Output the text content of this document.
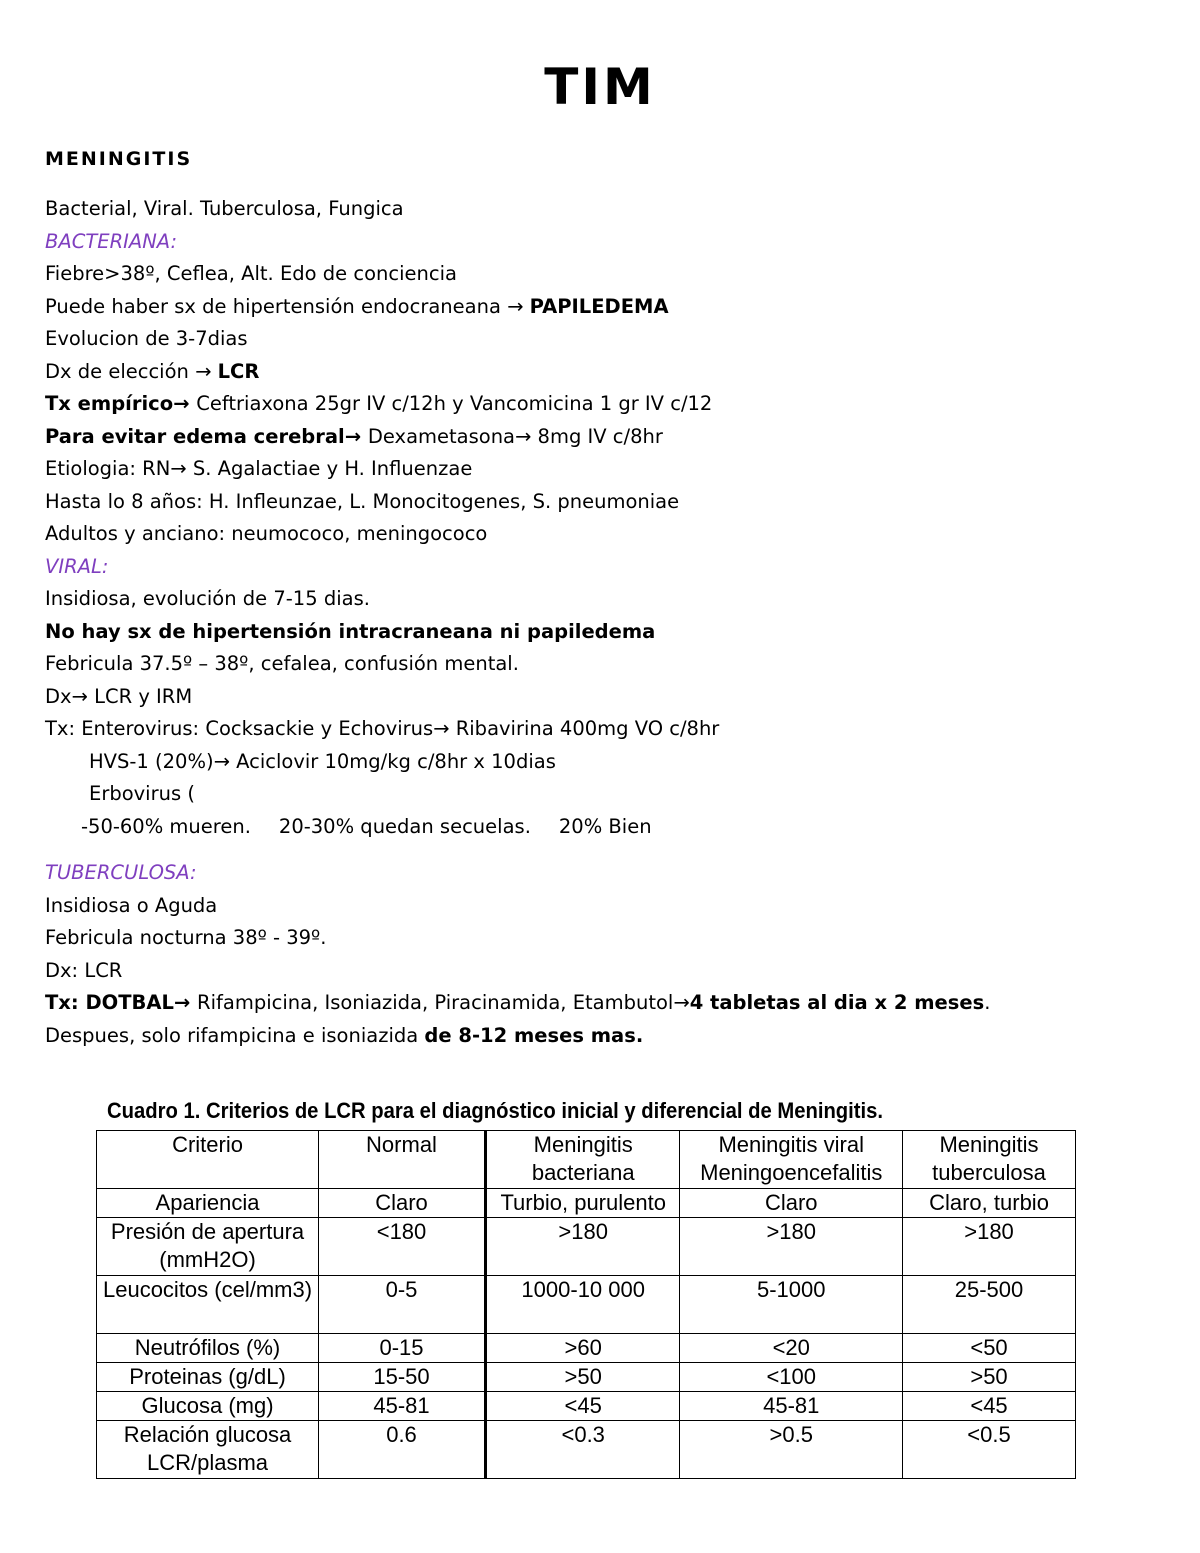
TIM
MENINGITIS
Bacterial, Viral. Tuberculosa, Fungica
BACTERIANA:
Fiebre>38º, Ceflea, Alt. Edo de conciencia
Puede haber sx de hipertensión endocraneana → PAPILEDEMA
Evolucion de 3-7dias
Dx de elección → LCR
Tx empírico→ Ceftriaxona 25gr IV c/12h y Vancomicina 1 gr IV c/12
Para evitar edema cerebral→ Dexametasona→ 8mg IV c/8hr
Etiologia: RN→ S. Agalactiae y H. Influenzae
Hasta lo 8 años: H. Infleunzae, L. Monocitogenes, S. pneumoniae
Adultos y anciano: neumococo, meningococo
VIRAL:
Insidiosa, evolución de 7-15 dias.
No hay sx de hipertensión intracraneana ni papiledema
Febricula 37.5º – 38º, cefalea, confusión mental.
Dx→ LCR y IRM
Tx: Enterovirus: Cocksackie y Echovirus→ Ribavirina 400mg VO c/8hr
HVS-1 (20%)→ Aciclovir 10mg/kg c/8hr x 10dias
Erbovirus (
-50-60% mueren. 20-30% quedan secuelas. 20% Bien
TUBERCULOSA:
Insidiosa o Aguda
Febricula nocturna 38º - 39º.
Dx: LCR
Tx: DOTBAL→ Rifampicina, Isoniazida, Piracinamida, Etambutol→4 tabletas al dia x 2 meses.
Despues, solo rifampicina e isoniazida de 8-12 meses mas.
Cuadro 1. Criterios de LCR para el diagnóstico inicial y diferencial de Meningitis.
Criterio	Normal	Meningitis bacteriana	Meningitis viral Meningoencefalitis	Meningitis tuberculosa
Apariencia	Claro	Turbio, purulento	Claro	Claro, turbio
Presión de apertura (mmH2O)	<180	>180	>180	>180
Leucocitos (cel/mm3)	0-5	1000-10 000	5-1000	25-500
Neutrófilos (%)	0-15	>60	<20	<50
Proteinas (g/dL)	15-50	>50	<100	>50
Glucosa (mg)	45-81	<45	45-81	<45
Relación glucosa LCR/plasma	0.6	<0.3	>0.5	<0.5
